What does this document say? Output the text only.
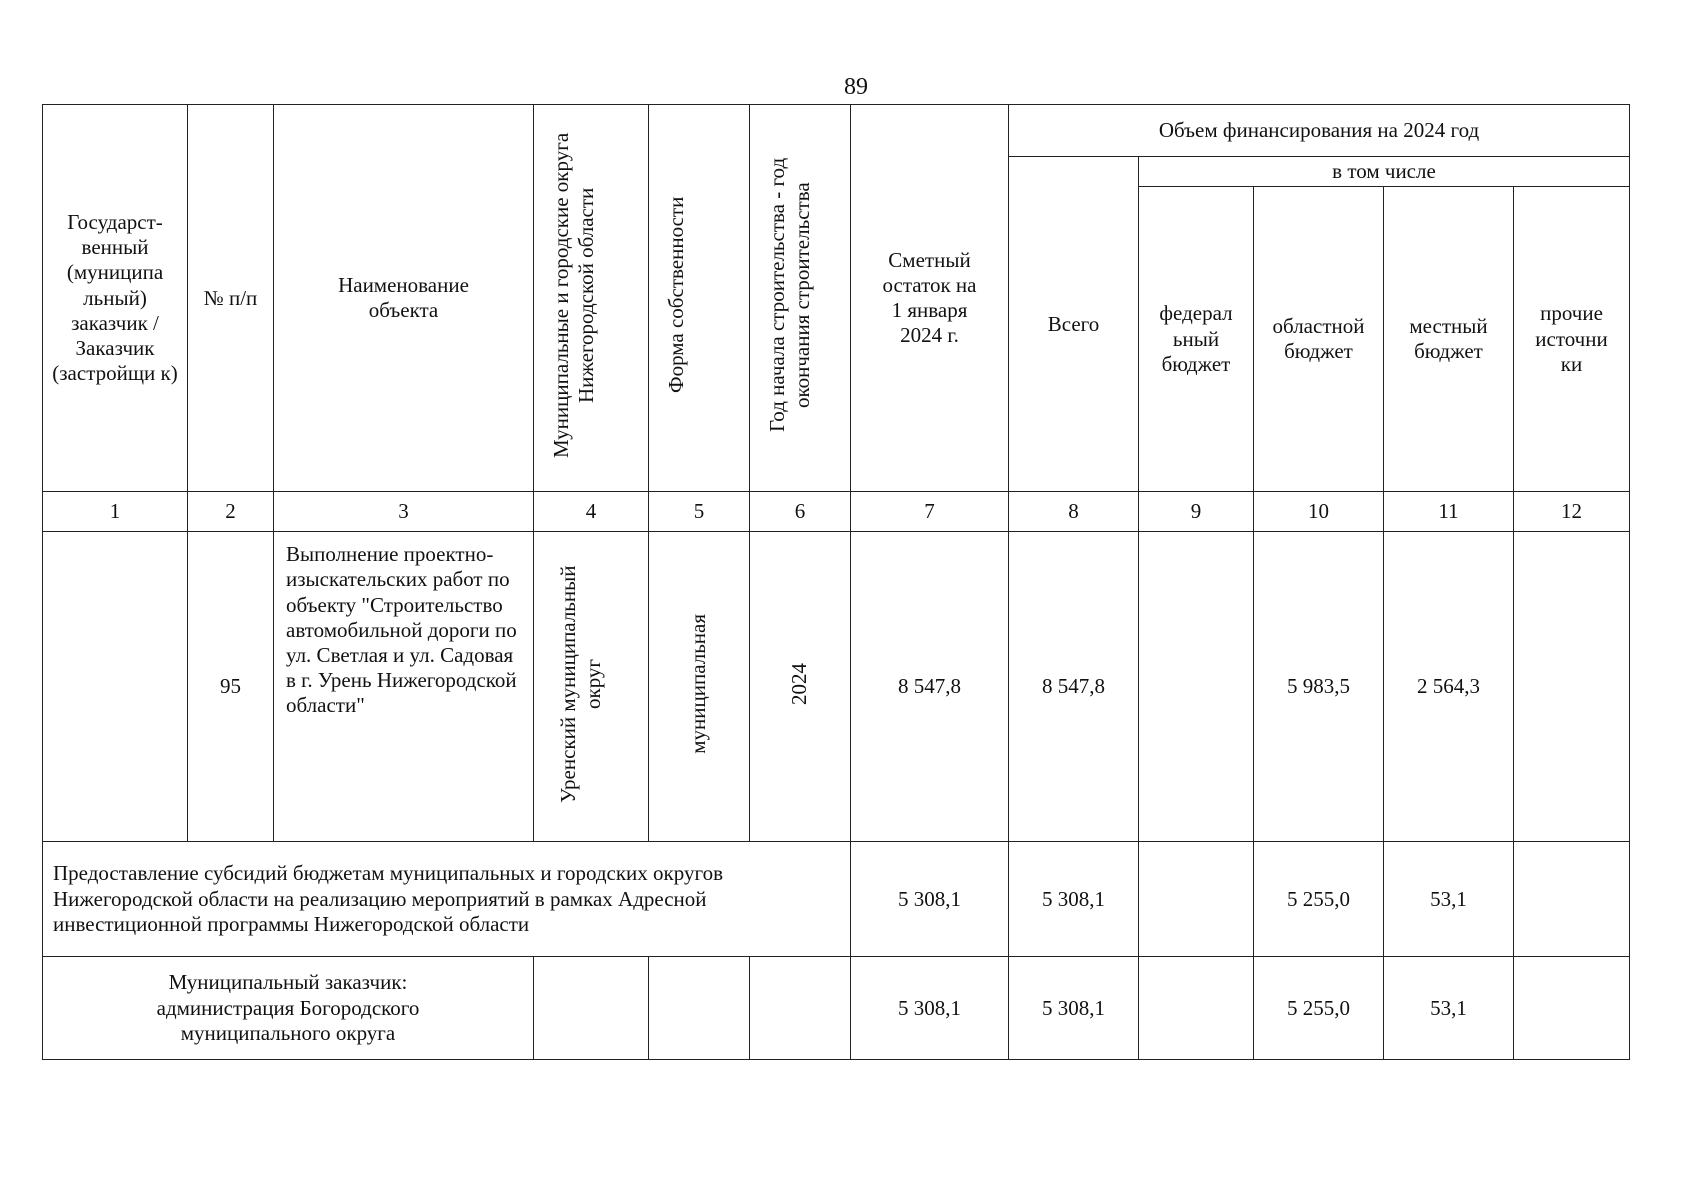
89
Государст-венный (муниципа льный) заказчик / Заказчик (застройщи к)	№ п/п	Наименование объекта	Муниципальные и городские округа Нижегородской области	Форма собственности	Год начала строительства - год окончания строительства	Сметный остаток на 1 января 2024 г.	Объем финансирования на 2024 год				
							Всего	в том числе			
								федерал ьный бюджет	областной бюджет	местный бюджет	прочие источни ки
1	2	3	4	5	6	7	8	9	10	11	12
	95	Выполнение проектно-изыскательских работ по объекту "Строительство автомобильной дороги по ул. Светлая и ул. Садовая в г. Урень Нижегородской области"	Уренский муниципальный округ	муниципальная	2024	8 547,8	8 547,8		5 983,5	2 564,3	
Предоставление субсидий бюджетам муниципальных и городских округов Нижегородской области на реализацию мероприятий в рамках Адресной инвестиционной программы Нижегородской области						5 308,1	5 308,1		5 255,0	53,1	
Муниципальный заказчик: администрация Богородского муниципального округа						5 308,1	5 308,1		5 255,0	53,1	
